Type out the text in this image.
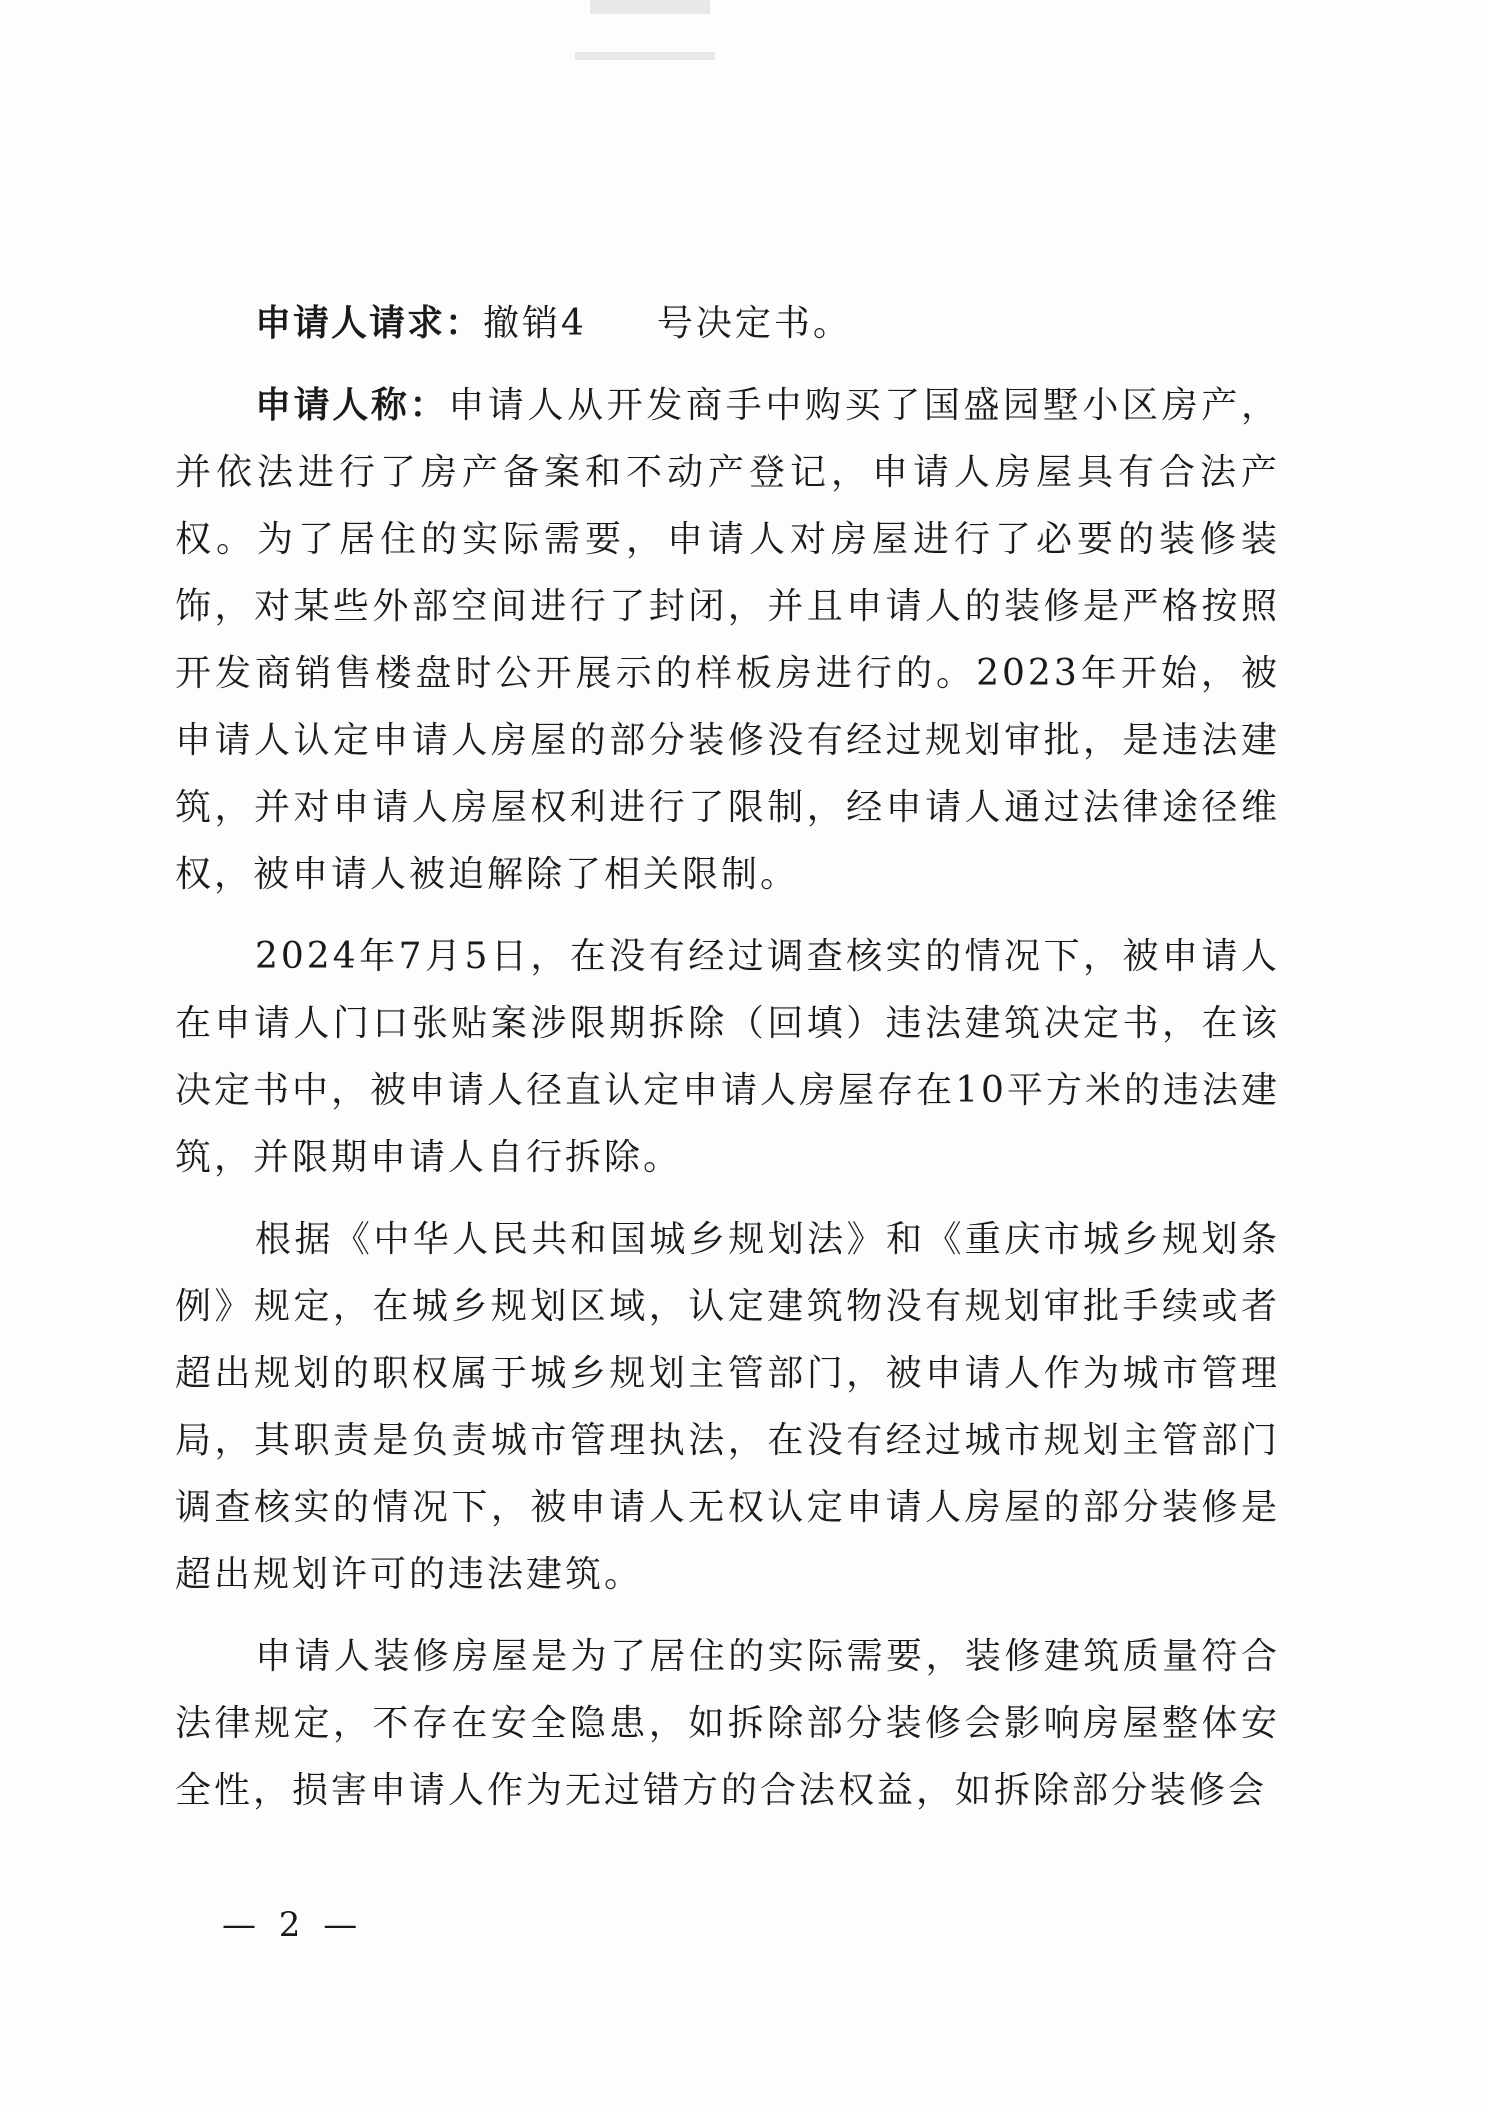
申请人请求：撤销4 号决定书。

申请人称：申请人从开发商手中购买了国盛园墅小区房产，并依法进行了房产备案和不动产登记，申请人房屋具有合法产权。为了居住的实际需要，申请人对房屋进行了必要的装修装饰，对某些外部空间进行了封闭，并且申请人的装修是严格按照开发商销售楼盘时公开展示的样板房进行的。2023年开始，被申请人认定申请人房屋的部分装修没有经过规划审批，是违法建筑，并对申请人房屋权利进行了限制，经申请人通过法律途径维权，被申请人被迫解除了相关限制。

2024年7月5日，在没有经过调查核实的情况下，被申请人在申请人门口张贴案涉限期拆除（回填）违法建筑决定书，在该决定书中，被申请人径直认定申请人房屋存在10平方米的违法建筑，并限期申请人自行拆除。

根据《中华人民共和国城乡规划法》和《重庆市城乡规划条例》规定，在城乡规划区域，认定建筑物没有规划审批手续或者超出规划的职权属于城乡规划主管部门，被申请人作为城市管理局，其职责是负责城市管理执法，在没有经过城市规划主管部门调查核实的情况下，被申请人无权认定申请人房屋的部分装修是超出规划许可的违法建筑。

申请人装修房屋是为了居住的实际需要，装修建筑质量符合法律规定，不存在安全隐患，如拆除部分装修会影响房屋整体安全性，损害申请人作为无过错方的合法权益，如拆除部分装修会

— 2 —
